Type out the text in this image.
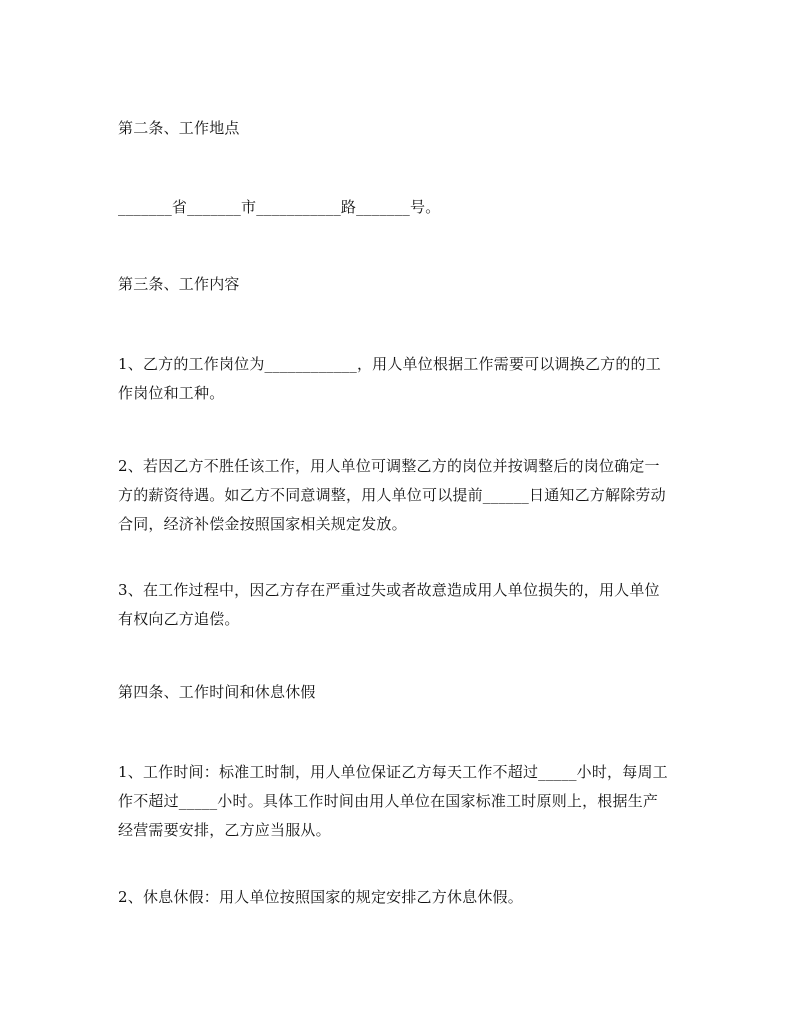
第二条、工作地点
_______省_______市___________路_______号。
第三条、工作内容
1、乙方的工作岗位为____________，用人单位根据工作需要可以调换乙方的的工
作岗位和工种。
2、若因乙方不胜任该工作，用人单位可调整乙方的岗位并按调整后的岗位确定一
方的薪资待遇。如乙方不同意调整，用人单位可以提前______日通知乙方解除劳动
合同，经济补偿金按照国家相关规定发放。
3、在工作过程中，因乙方存在严重过失或者故意造成用人单位损失的，用人单位
有权向乙方追偿。
第四条、工作时间和休息休假
1、工作时间：标准工时制，用人单位保证乙方每天工作不超过_____小时，每周工
作不超过_____小时。具体工作时间由用人单位在国家标准工时原则上，根据生产
经营需要安排，乙方应当服从。
2、休息休假：用人单位按照国家的规定安排乙方休息休假。
